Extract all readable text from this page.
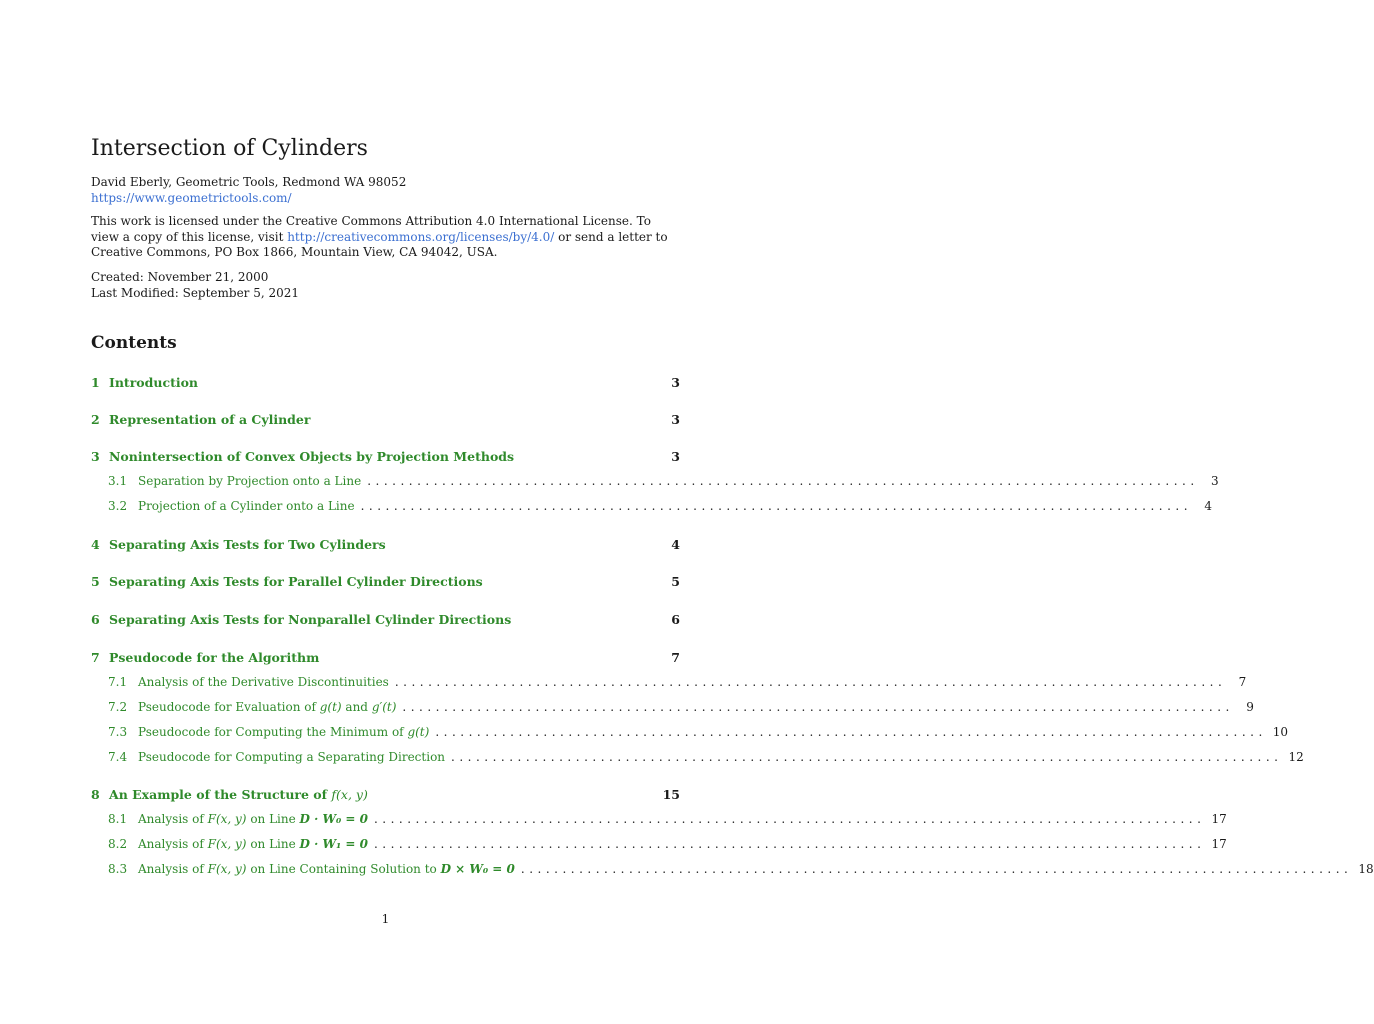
Intersection of Cylinders
David Eberly, Geometric Tools, Redmond WA 98052
https://www.geometrictools.com/
This work is licensed under the Creative Commons Attribution 4.0 International License. To view a copy of this license, visit http://creativecommons.org/licenses/by/4.0/ or send a letter to Creative Commons, PO Box 1866, Mountain View, CA 94042, USA.
Created: November 21, 2000
Last Modified: September 5, 2021
Contents
1 Introduction	3
2 Representation of a Cylinder	3
3 Nonintersection of Convex Objects by Projection Methods	3
3.1 Separation by Projection onto a Line ....................................................................................................	3
3.2 Projection of a Cylinder onto a Line ....................................................................................................	4
4 Separating Axis Tests for Two Cylinders	4
5 Separating Axis Tests for Parallel Cylinder Directions	5
6 Separating Axis Tests for Nonparallel Cylinder Directions	6
7 Pseudocode for the Algorithm	7
7.1 Analysis of the Derivative Discontinuities ....................................................................................................	7
7.2 Pseudocode for Evaluation of g(t) and g′(t) ....................................................................................................	9
7.3 Pseudocode for Computing the Minimum of g(t) .................................................................................................... 10
7.4 Pseudocode for Computing a Separating Direction .................................................................................................... 12
8 An Example of the Structure of f(x, y)	15
8.1 Analysis of F(x, y) on Line D · W₀ = 0 .................................................................................................... 17
8.2 Analysis of F(x, y) on Line D · W₁ = 0 .................................................................................................... 17
8.3 Analysis of F(x, y) on Line Containing Solution to D × W₀ = 0 .................................................................................................... 18
1
